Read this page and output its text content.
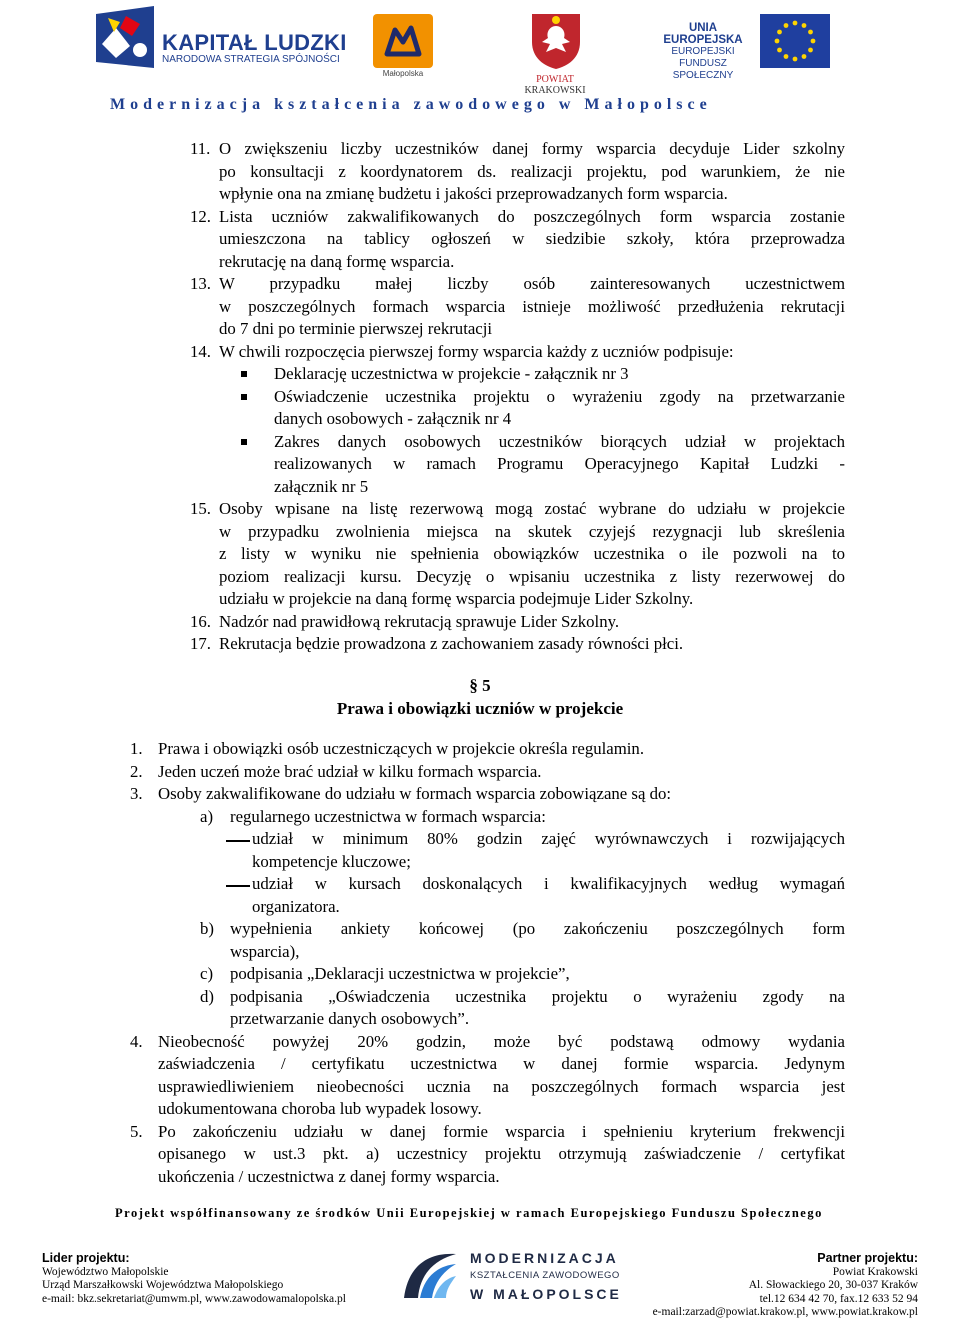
KAPITAŁ LUDZKI
NARODOWA STRATEGIA SPÓJNOŚCI
Małopolska
POWIAT
KRAKOWSKI
UNIA EUROPEJSKA
EUROPEJSKI
FUNDUSZ SPOŁECZNY
Modernizacja kształcenia zawodowego w Małopolsce
11. O zwiększeniu liczby uczestników danej formy wsparcia decyduje Lider szkolny
po konsultacji z koordynatorem ds. realizacji projektu, pod warunkiem, że nie
wpłynie ona na zmianę budżetu i jakości przeprowadzanych form wsparcia.
12. Lista uczniów zakwalifikowanych do poszczególnych form wsparcia zostanie
umieszczona na tablicy ogłoszeń w siedzibie szkoły, która przeprowadza
rekrutację na daną formę wsparcia.
13. W przypadku małej liczby osób zainteresowanych uczestnictwem
w poszczególnych formach wsparcia istnieje możliwość przedłużenia rekrutacji
do 7 dni po terminie pierwszej rekrutacji
14. W chwili rozpoczęcia pierwszej formy wsparcia każdy z uczniów podpisuje:
Deklarację uczestnictwa w projekcie - załącznik nr 3
Oświadczenie uczestnika projektu o wyrażeniu zgody na przetwarzanie
danych osobowych - załącznik nr 4
Zakres danych osobowych uczestników biorących udział w projektach
realizowanych w ramach Programu Operacyjnego Kapitał Ludzki -
załącznik nr 5
15. Osoby wpisane na listę rezerwową mogą zostać wybrane do udziału w projekcie
w przypadku zwolnienia miejsca na skutek czyjejś rezygnacji lub skreślenia
z listy w wyniku nie spełnienia obowiązków uczestnika o ile pozwoli na to
poziom realizacji kursu. Decyzję o wpisaniu uczestnika z listy rezerwowej do
udziału w projekcie na daną formę wsparcia podejmuje Lider Szkolny.
16. Nadzór nad prawidłową rekrutacją sprawuje Lider Szkolny.
17. Rekrutacja będzie prowadzona z zachowaniem zasady równości płci.
§ 5
Prawa i obowiązki uczniów w projekcie
1. Prawa i obowiązki osób uczestniczących w projekcie określa regulamin.
2. Jeden uczeń może brać udział w kilku formach wsparcia.
3. Osoby zakwalifikowane do udziału w formach wsparcia zobowiązane są do:
a) regularnego uczestnictwa w formach wsparcia:
udział w minimum 80% godzin zajęć wyrównawczych i rozwijających
kompetencje kluczowe;
udział w kursach doskonalących i kwalifikacyjnych według wymagań
organizatora.
b) wypełnienia ankiety końcowej (po zakończeniu poszczególnych form
wsparcia),
c) podpisania „Deklaracji uczestnictwa w projekcie”,
d) podpisania „Oświadczenia uczestnika projektu o wyrażeniu zgody na
przetwarzanie danych osobowych”.
4. Nieobecność powyżej 20% godzin, może być podstawą odmowy wydania
zaświadczenia / certyfikatu uczestnictwa w danej formie wsparcia. Jedynym
usprawiedliwieniem nieobecności ucznia na poszczególnych formach wsparcia jest
udokumentowana choroba lub wypadek losowy.
5. Po zakończeniu udziału w danej formie wsparcia i spełnieniu kryterium frekwencji
opisanego w ust.3 pkt. a) uczestnicy projektu otrzymują zaświadczenie / certyfikat
ukończenia / uczestnictwa z danej formy wsparcia.
Projekt współfinansowany ze środków Unii Europejskiej w ramach Europejskiego Funduszu Społecznego
Lider projektu:
Województwo Małopolskie
Urząd Marszałkowski Województwa Małopolskiego
e-mail: bkz.sekretariat@umwm.pl, www.zawodowamalopolska.pl
MODERNIZACJA
KSZTAŁCENIA ZAWODOWEGO
W MAŁOPOLSCE
Partner projektu:
Powiat Krakowski
Al. Słowackiego 20, 30-037 Kraków
tel.12 634 42 70, fax.12 633 52 94
e-mail:zarzad@powiat.krakow.pl, www.powiat.krakow.pl
